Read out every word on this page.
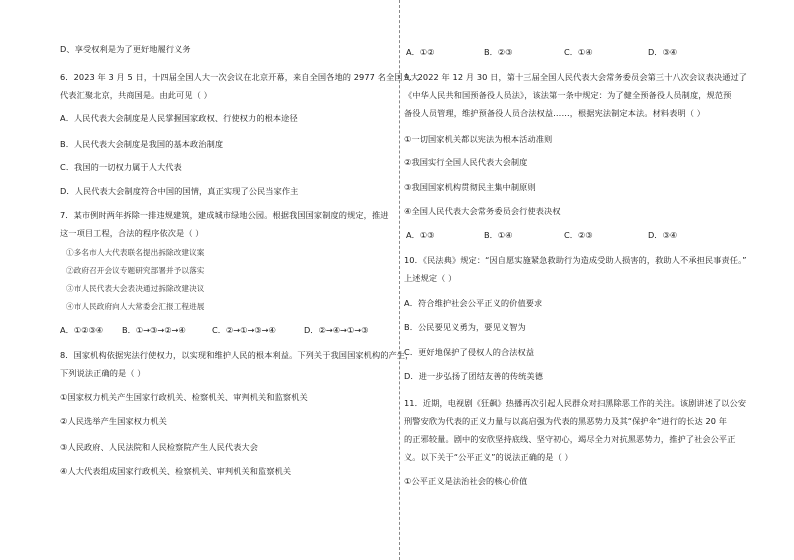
D、享受权利是为了更好地履行义务
6．2023 年 3 月 5 日，十四届全国人大一次会议在北京开幕，来自全国各地的 2977 名全国人大
代表汇聚北京，共商国是。由此可见（ ）
A．人民代表大会制度是人民掌握国家政权、行使权力的根本途径
B．人民代表大会制度是我国的基本政治制度
C．我国的一切权力属于人大代表
D．人民代表大会制度符合中国的国情，真正实现了公民当家作主
7．某市例时两年拆除一排违规建筑，建成城市绿地公园。根据我国国家制度的规定，推进
这一项目工程，合法的程序依次是（ ）
①多名市人大代表联名提出拆除改建议案
②政府召开会议专题研究部署并予以落实
③市人民代表大会表决通过拆除改建决议
④市人民政府向人大常委会汇报工程进展
A．①②③④ B．①→③→②→④	C．②→①→③→④	D．②→④→①→③
8．国家机构依据宪法行使权力，以实现和维护人民的根本利益。下列关于我国国家机构的产生，
下列说法正确的是（ ）
①国家权力机关产生国家行政机关、检察机关、审判机关和监察机关
②人民选举产生国家权力机关
③人民政府、人民法院和人民检察院产生人民代表大会
④人大代表组成国家行政机关、检察机关、审判机关和监察机关
A．①②	B．②③	C．①④	D．③④
9．2022 年 12 月 30 日，第十三届全国人民代表大会常务委员会第三十八次会议表决通过了
《中华人民共和国预备役人员法》，该法第一条中规定：为了健全预备役人员制度，规范预
备役人员管理，维护预备役人员合法权益……，根据宪法制定本法。材料表明（ ）
①一切国家机关都以宪法为根本活动准则
②我国实行全国人民代表大会制度
③我国国家机构贯彻民主集中制原则
④全国人民代表大会常务委员会行使表决权
A．①③	B．①④	C．②③	D．③④
10．《民法典》规定：“因自愿实施紧急救助行为造成受助人损害的，救助人不承担民事责任。”
上述规定（ ）
A．符合维护社会公平正义的价值要求
B．公民要见义勇为，要见义智为
C．更好地保护了侵权人的合法权益
D．进一步弘扬了团结友善的传统美德
11．近期，电视剧《狂飙》热播再次引起人民群众对扫黑除恶工作的关注。该剧讲述了以公安
刑警安欣为代表的正义力量与以高启强为代表的黑恶势力及其“保护伞”进行的长达 20 年
的正邪较量。剧中的安欣坚持底线、坚守初心，竭尽全力对抗黑恶势力，推护了社会公平正
义。以下关于“公平正义”的说法正确的是（ ）
①公平正义是法治社会的核心价值
